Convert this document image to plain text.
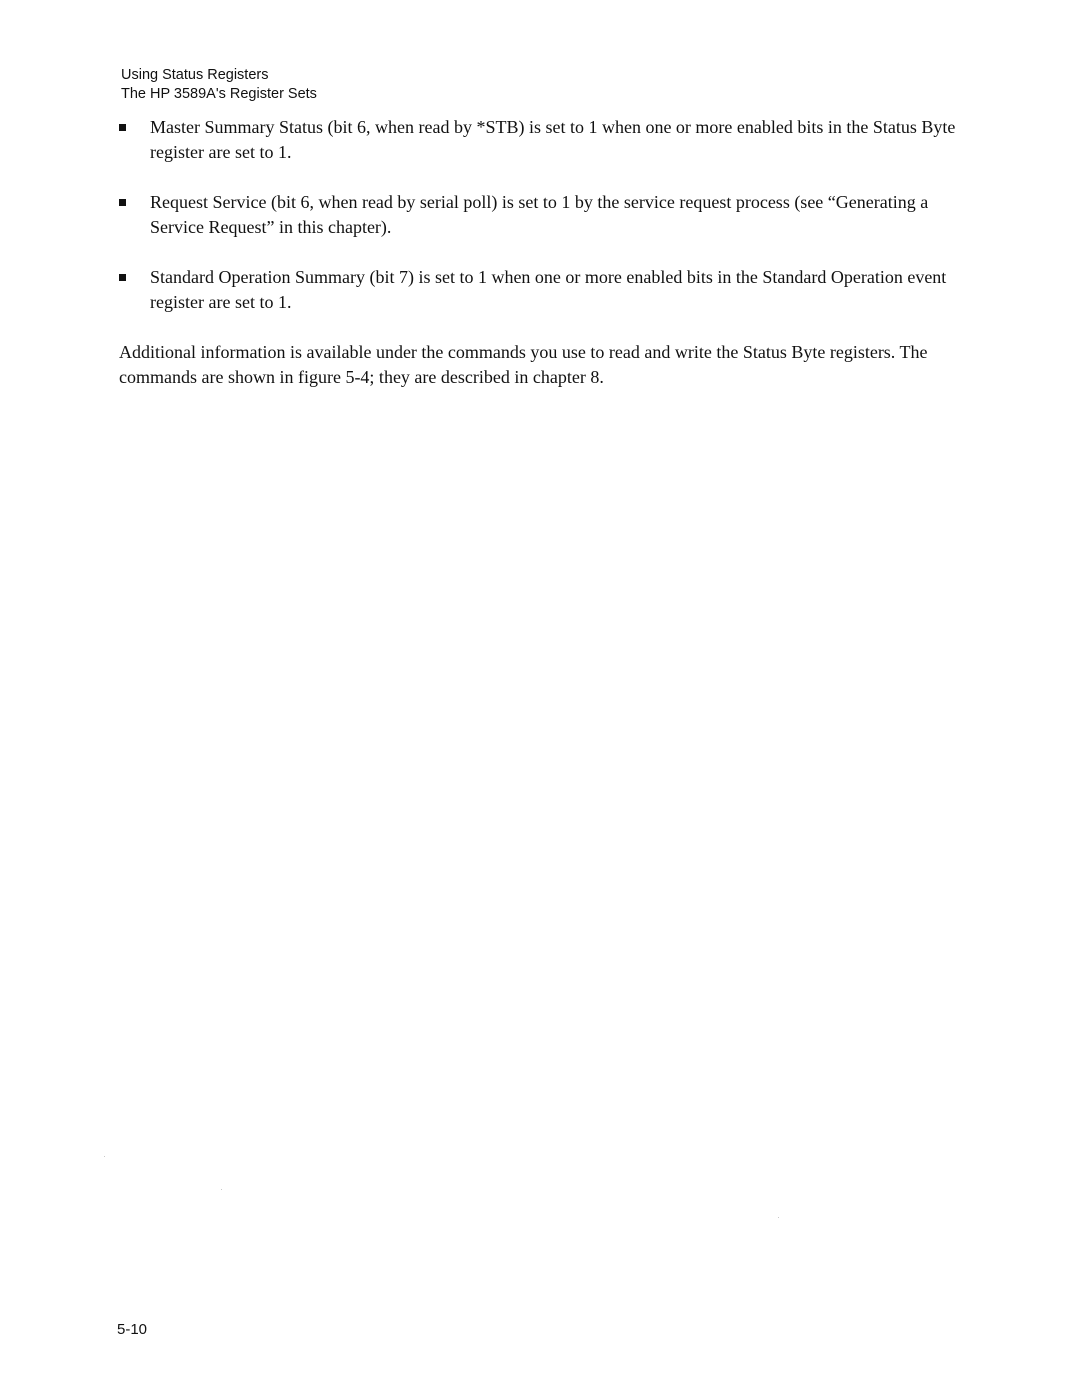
Using Status Registers
The HP 3589A's Register Sets
Master Summary Status (bit 6, when read by *STB) is set to 1 when one or more enabled bits in the Status Byte register are set to 1.
Request Service (bit 6, when read by serial poll) is set to 1 by the service request process (see “Generating a Service Request” in this chapter).
Standard Operation Summary (bit 7) is set to 1 when one or more enabled bits in the Standard Operation event register are set to 1.

Additional information is available under the commands you use to read and write the Status Byte registers. The commands are shown in figure 5-4; they are described in chapter 8.

5-10
